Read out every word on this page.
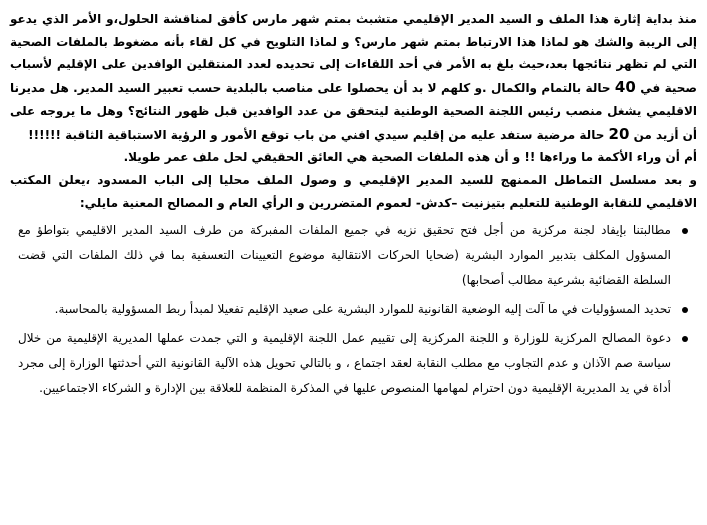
منذ بداية إثارة هذا الملف و السيد المدير الإقليمي متشبث بمتم شهر مارس كأفق لمناقشة الحلول،و الأمر الذي يدعو إلى الريبة والشك هو لماذا هذا الارتباط بمتم شهر مارس؟ و لماذا التلويح في كل لقاء بأنه مضغوط بالملفات الصحية التي لم تظهر نتائجها بعد،حيث بلغ به الأمر في أحد اللقاءات إلى تحديده لعدد المنتقلين الوافدين على الإقليم لأسباب صحية في 40 حالة بالتمام والكمال .و كلهم لا بد أن يحصلوا على مناصب بالبلدية حسب تعبير السيد المدير. هل مديرنا الاقليمي يشغل منصب رئيس اللجنة الصحية الوطنية ليتحقق من عدد الوافدين قبل ظهور النتائج؟ وهل ما يروجه على أن أزيد من 20 حالة مرضية ستفد عليه من إقليم سيدي افني من باب توقع الأمور و الرؤية الاستباقية الثاقبة !!!!!!

أم أن وراء الأكمة ما وراءها !! و أن هذه الملفات الصحية هي العائق الحقيقي لحل ملف عمر طويلا.

و بعد مسلسل التماطل الممنهج للسيد المدير الإقليمي و وصول الملف محليا إلى الباب المسدود ،يعلن المكتب الاقليمي للنقابة الوطنية للتعليم بتيزنيت –كدش- لعموم المتضررين و الرأي العام و المصالح المعنية مايلي:

مطالبتنا بإيفاد لجنة مركزية من أجل فتح تحقيق نزيه في جميع الملفات المفبركة من طرف السيد المدير الاقليمي بتواطؤ مع المسؤول المكلف بتدبير الموارد البشرية (ضحايا الحركات الانتقالية موضوع التعيينات التعسفية بما في ذلك الملفات التي قضت السلطة القضائية بشرعية مطالب أصحابها)
تحديد المسؤوليات في ما آلت إليه الوضعية القانونية للموارد البشرية على صعيد الإقليم تفعيلا لمبدأ ربط المسؤولية بالمحاسبة.
دعوة المصالح المركزية للوزارة و اللجنة المركزية إلى تقييم عمل اللجنة الإقليمية و التي جمدت عملها المديرية الإقليمية من خلال سياسة صم الآذان و عدم التجاوب مع مطلب النقابة لعقد اجتماع ، و بالتالي تحويل هذه الآلية القانونية التي أحدثتها الوزارة إلى مجرد أداة في يد المديرية الإقليمية دون احترام لمهامها المنصوص عليها في المذكرة المنظمة للعلاقة بين الإدارة و الشركاء الاجتماعيين.
